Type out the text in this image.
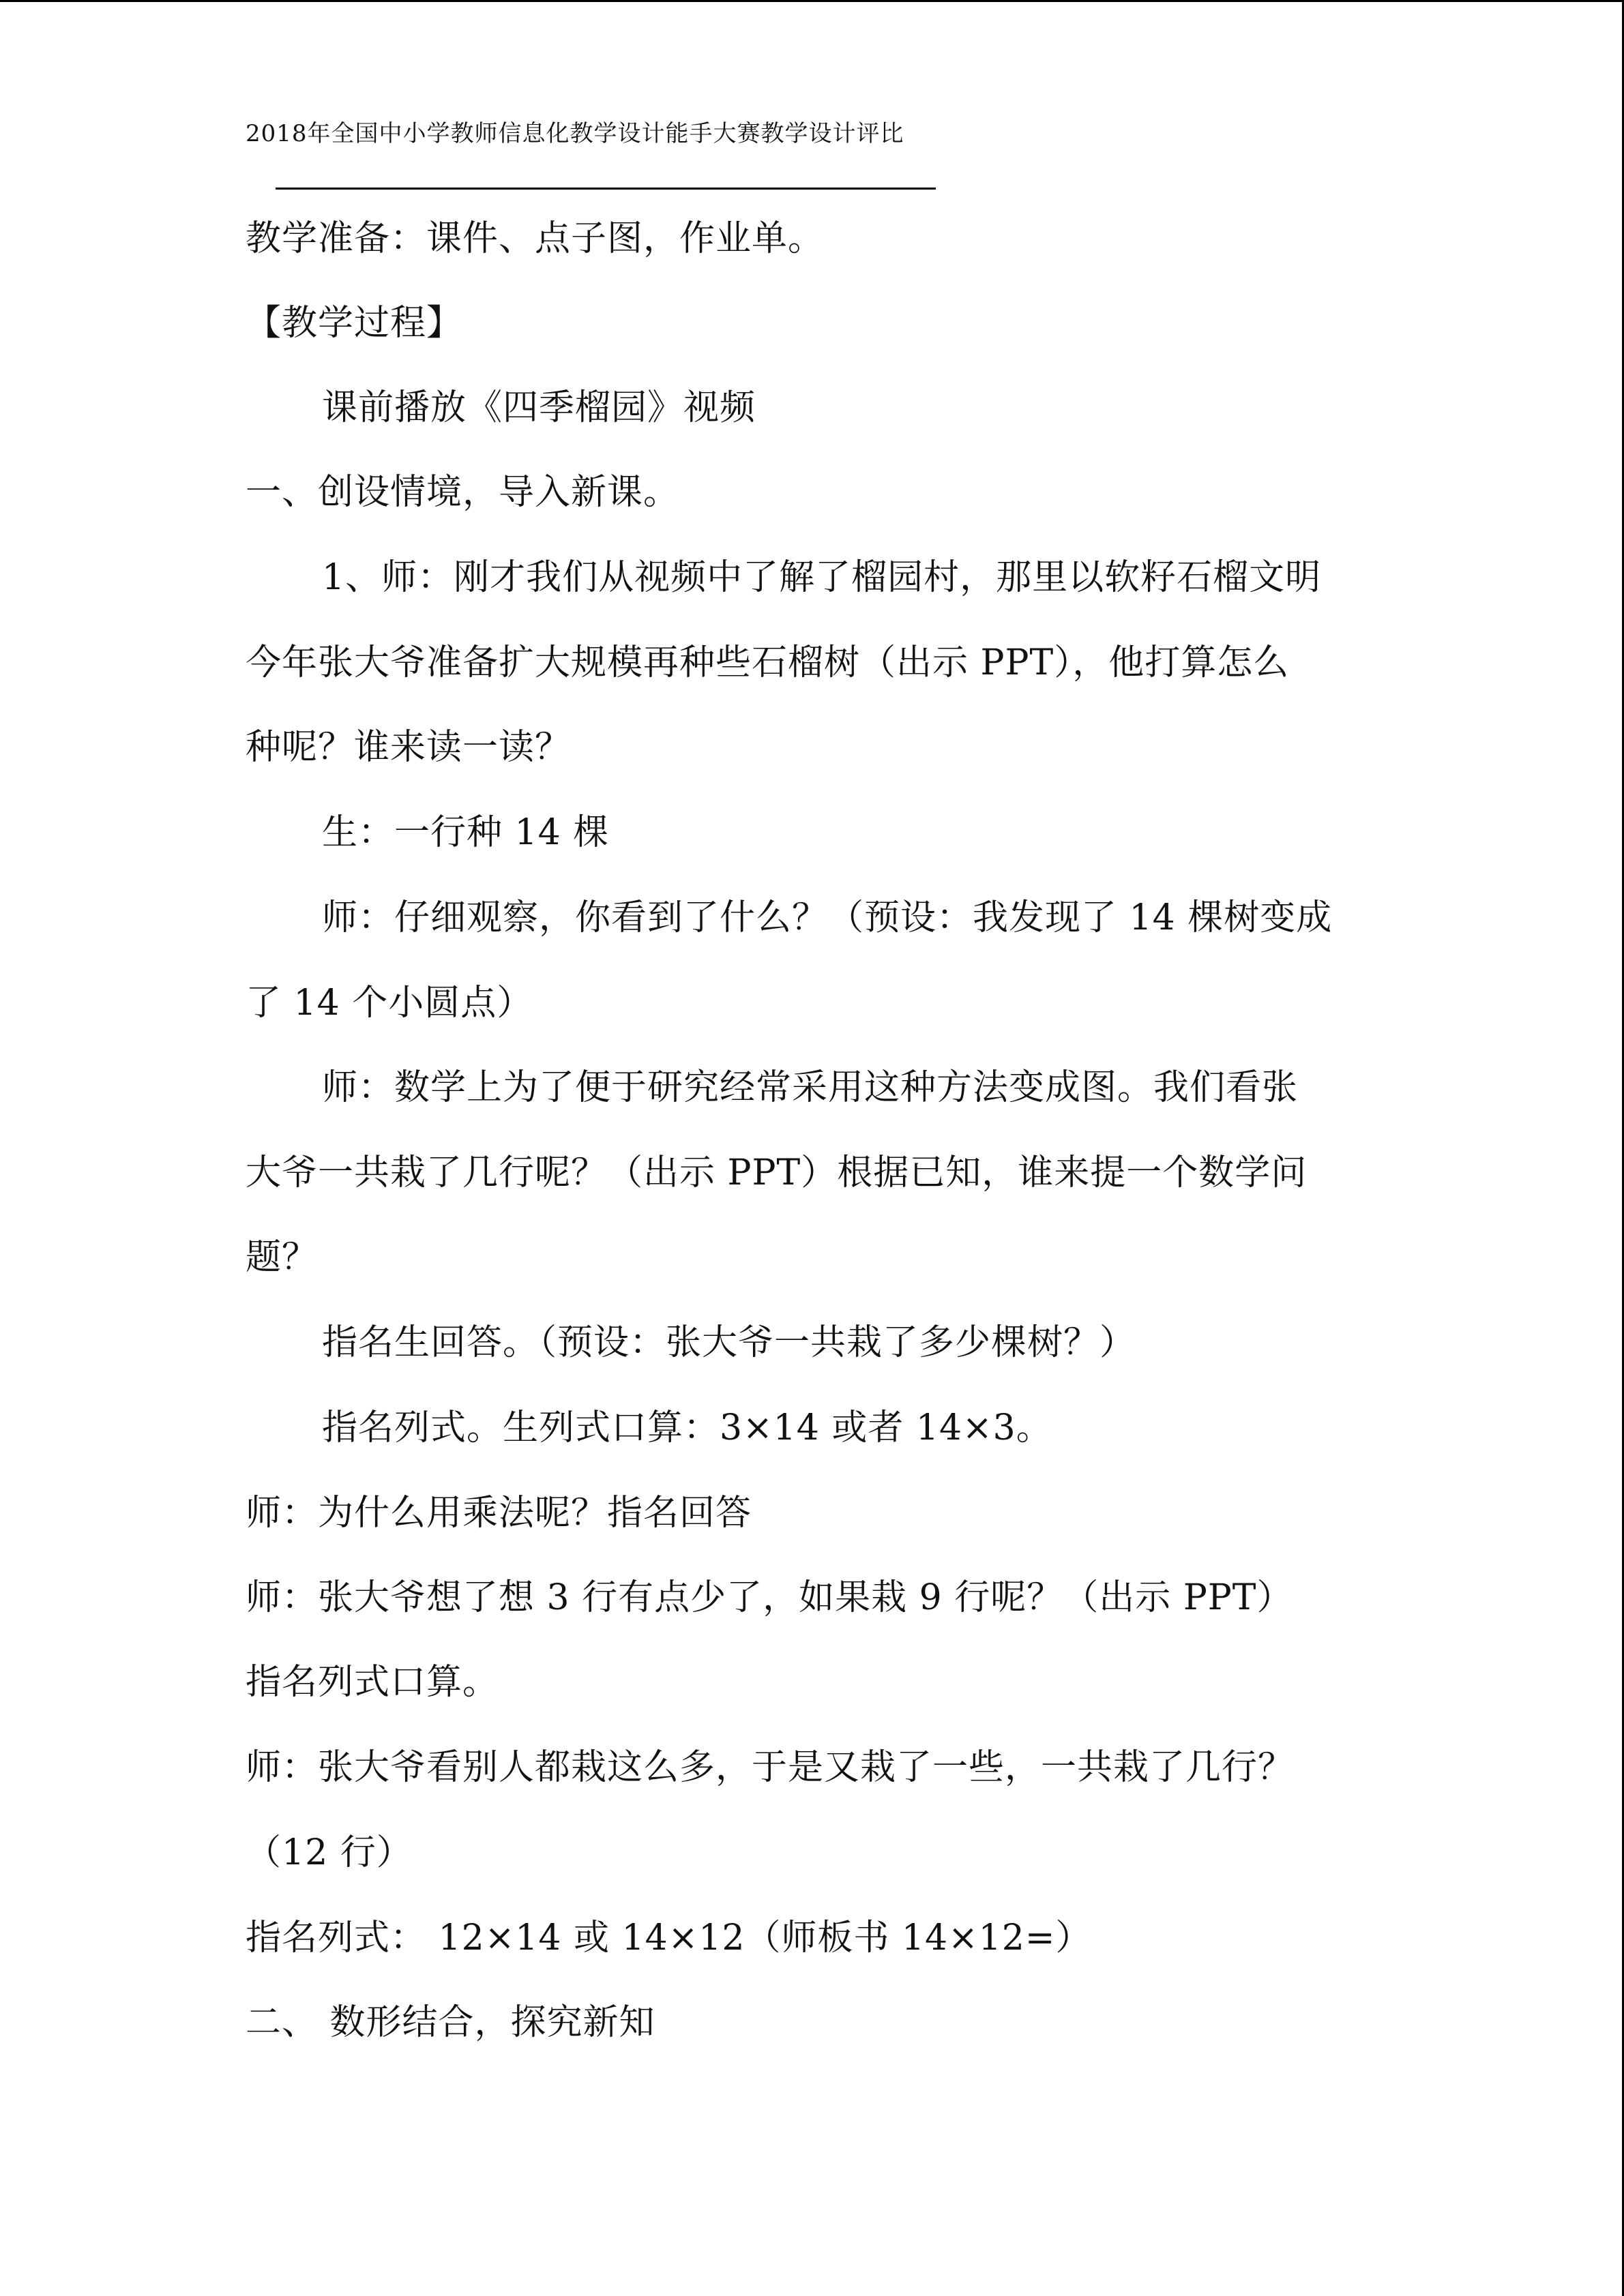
2018年全国中小学教师信息化教学设计能手大赛教学设计评比
教学准备：课件、点子图，作业单。
【教学过程】
课前播放《四季榴园》视频
一、创设情境，导入新课。
1、师：刚才我们从视频中了解了榴园村，那里以软籽石榴文明
今年张大爷准备扩大规模再种些石榴树（出示 PPT），他打算怎么
种呢？谁来读一读？
生：一行种 14 棵
师：仔细观察，你看到了什么？（预设：我发现了 14 棵树变成
了 14 个小圆点）
师：数学上为了便于研究经常采用这种方法变成图。我们看张
大爷一共栽了几行呢？（出示 PPT）根据已知，谁来提一个数学问
题？
指名生回答。（预设：张大爷一共栽了多少棵树？）
指名列式。生列式口算：3×14 或者 14×3。
师：为什么用乘法呢？指名回答
师：张大爷想了想 3 行有点少了，如果栽 9 行呢？（出示 PPT）
指名列式口算。
师：张大爷看别人都栽这么多，于是又栽了一些，一共栽了几行？
（12 行）
指名列式： 12×14 或 14×12（师板书 14×12=）
二、 数形结合，探究新知
